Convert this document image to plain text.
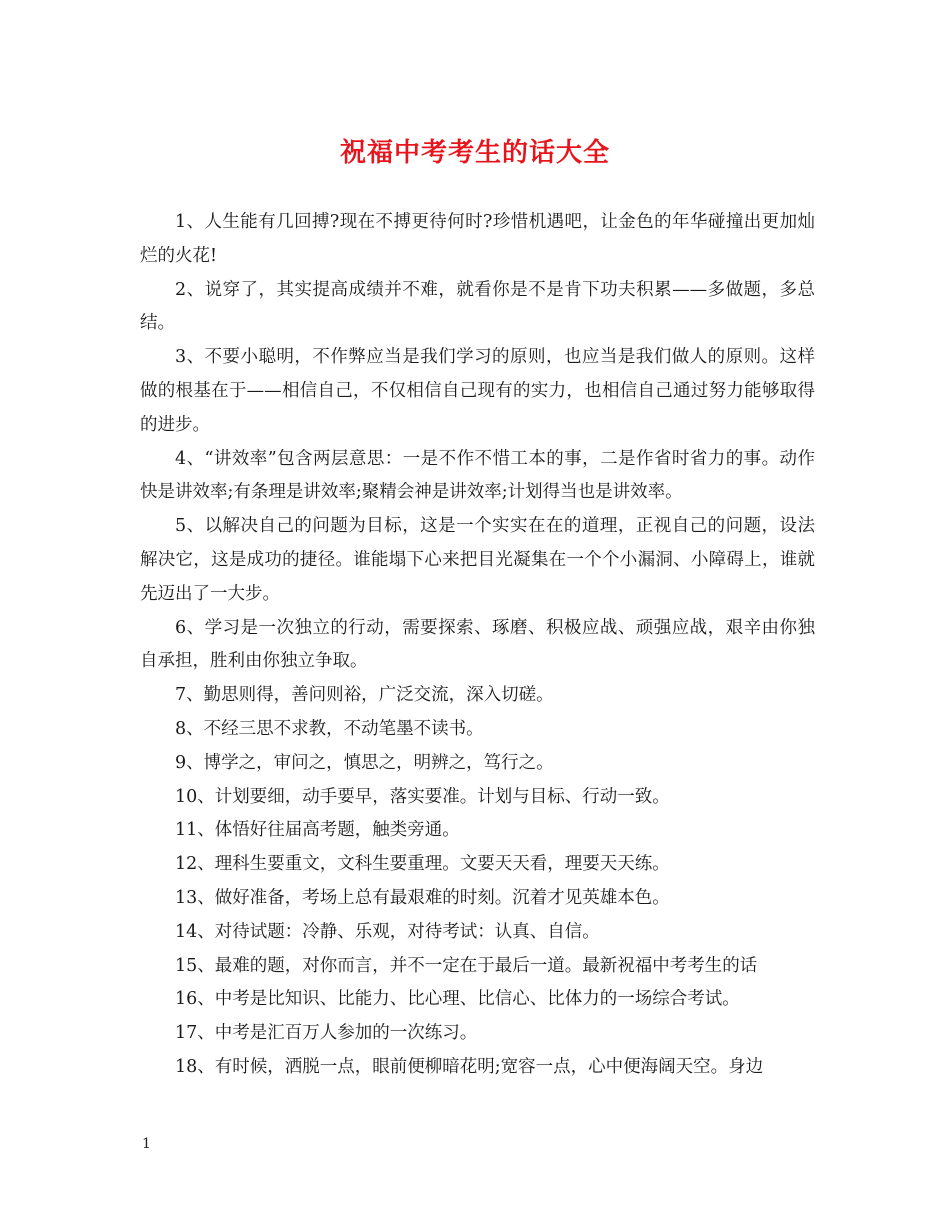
祝福中考考生的话大全

1、人生能有几回搏?现在不搏更待何时?珍惜机遇吧，让金色的年华碰撞出更加灿烂的火花!

2、说穿了，其实提高成绩并不难，就看你是不是肯下功夫积累——多做题，多总结。

3、不要小聪明，不作弊应当是我们学习的原则，也应当是我们做人的原则。这样做的根基在于——相信自己，不仅相信自己现有的实力，也相信自己通过努力能够取得的进步。

4、“讲效率”包含两层意思：一是不作不惜工本的事，二是作省时省力的事。动作快是讲效率;有条理是讲效率;聚精会神是讲效率;计划得当也是讲效率。

5、以解决自己的问题为目标，这是一个实实在在的道理，正视自己的问题，设法解决它，这是成功的捷径。谁能塌下心来把目光凝集在一个个小漏洞、小障碍上，谁就先迈出了一大步。

6、学习是一次独立的行动，需要探索、琢磨、积极应战、顽强应战，艰辛由你独自承担，胜利由你独立争取。

7、勤思则得，善问则裕，广泛交流，深入切磋。

8、不经三思不求教，不动笔墨不读书。

9、博学之，审问之，慎思之，明辨之，笃行之。

10、计划要细，动手要早，落实要准。计划与目标、行动一致。

11、体悟好往届高考题，触类旁通。

12、理科生要重文，文科生要重理。文要天天看，理要天天练。

13、做好准备，考场上总有最艰难的时刻。沉着才见英雄本色。

14、对待试题：冷静、乐观，对待考试：认真、自信。

15、最难的题，对你而言，并不一定在于最后一道。最新祝福中考考生的话

16、中考是比知识、比能力、比心理、比信心、比体力的一场综合考试。

17、中考是汇百万人参加的一次练习。

18、有时候，洒脱一点，眼前便柳暗花明;宽容一点，心中便海阔天空。身边

1
